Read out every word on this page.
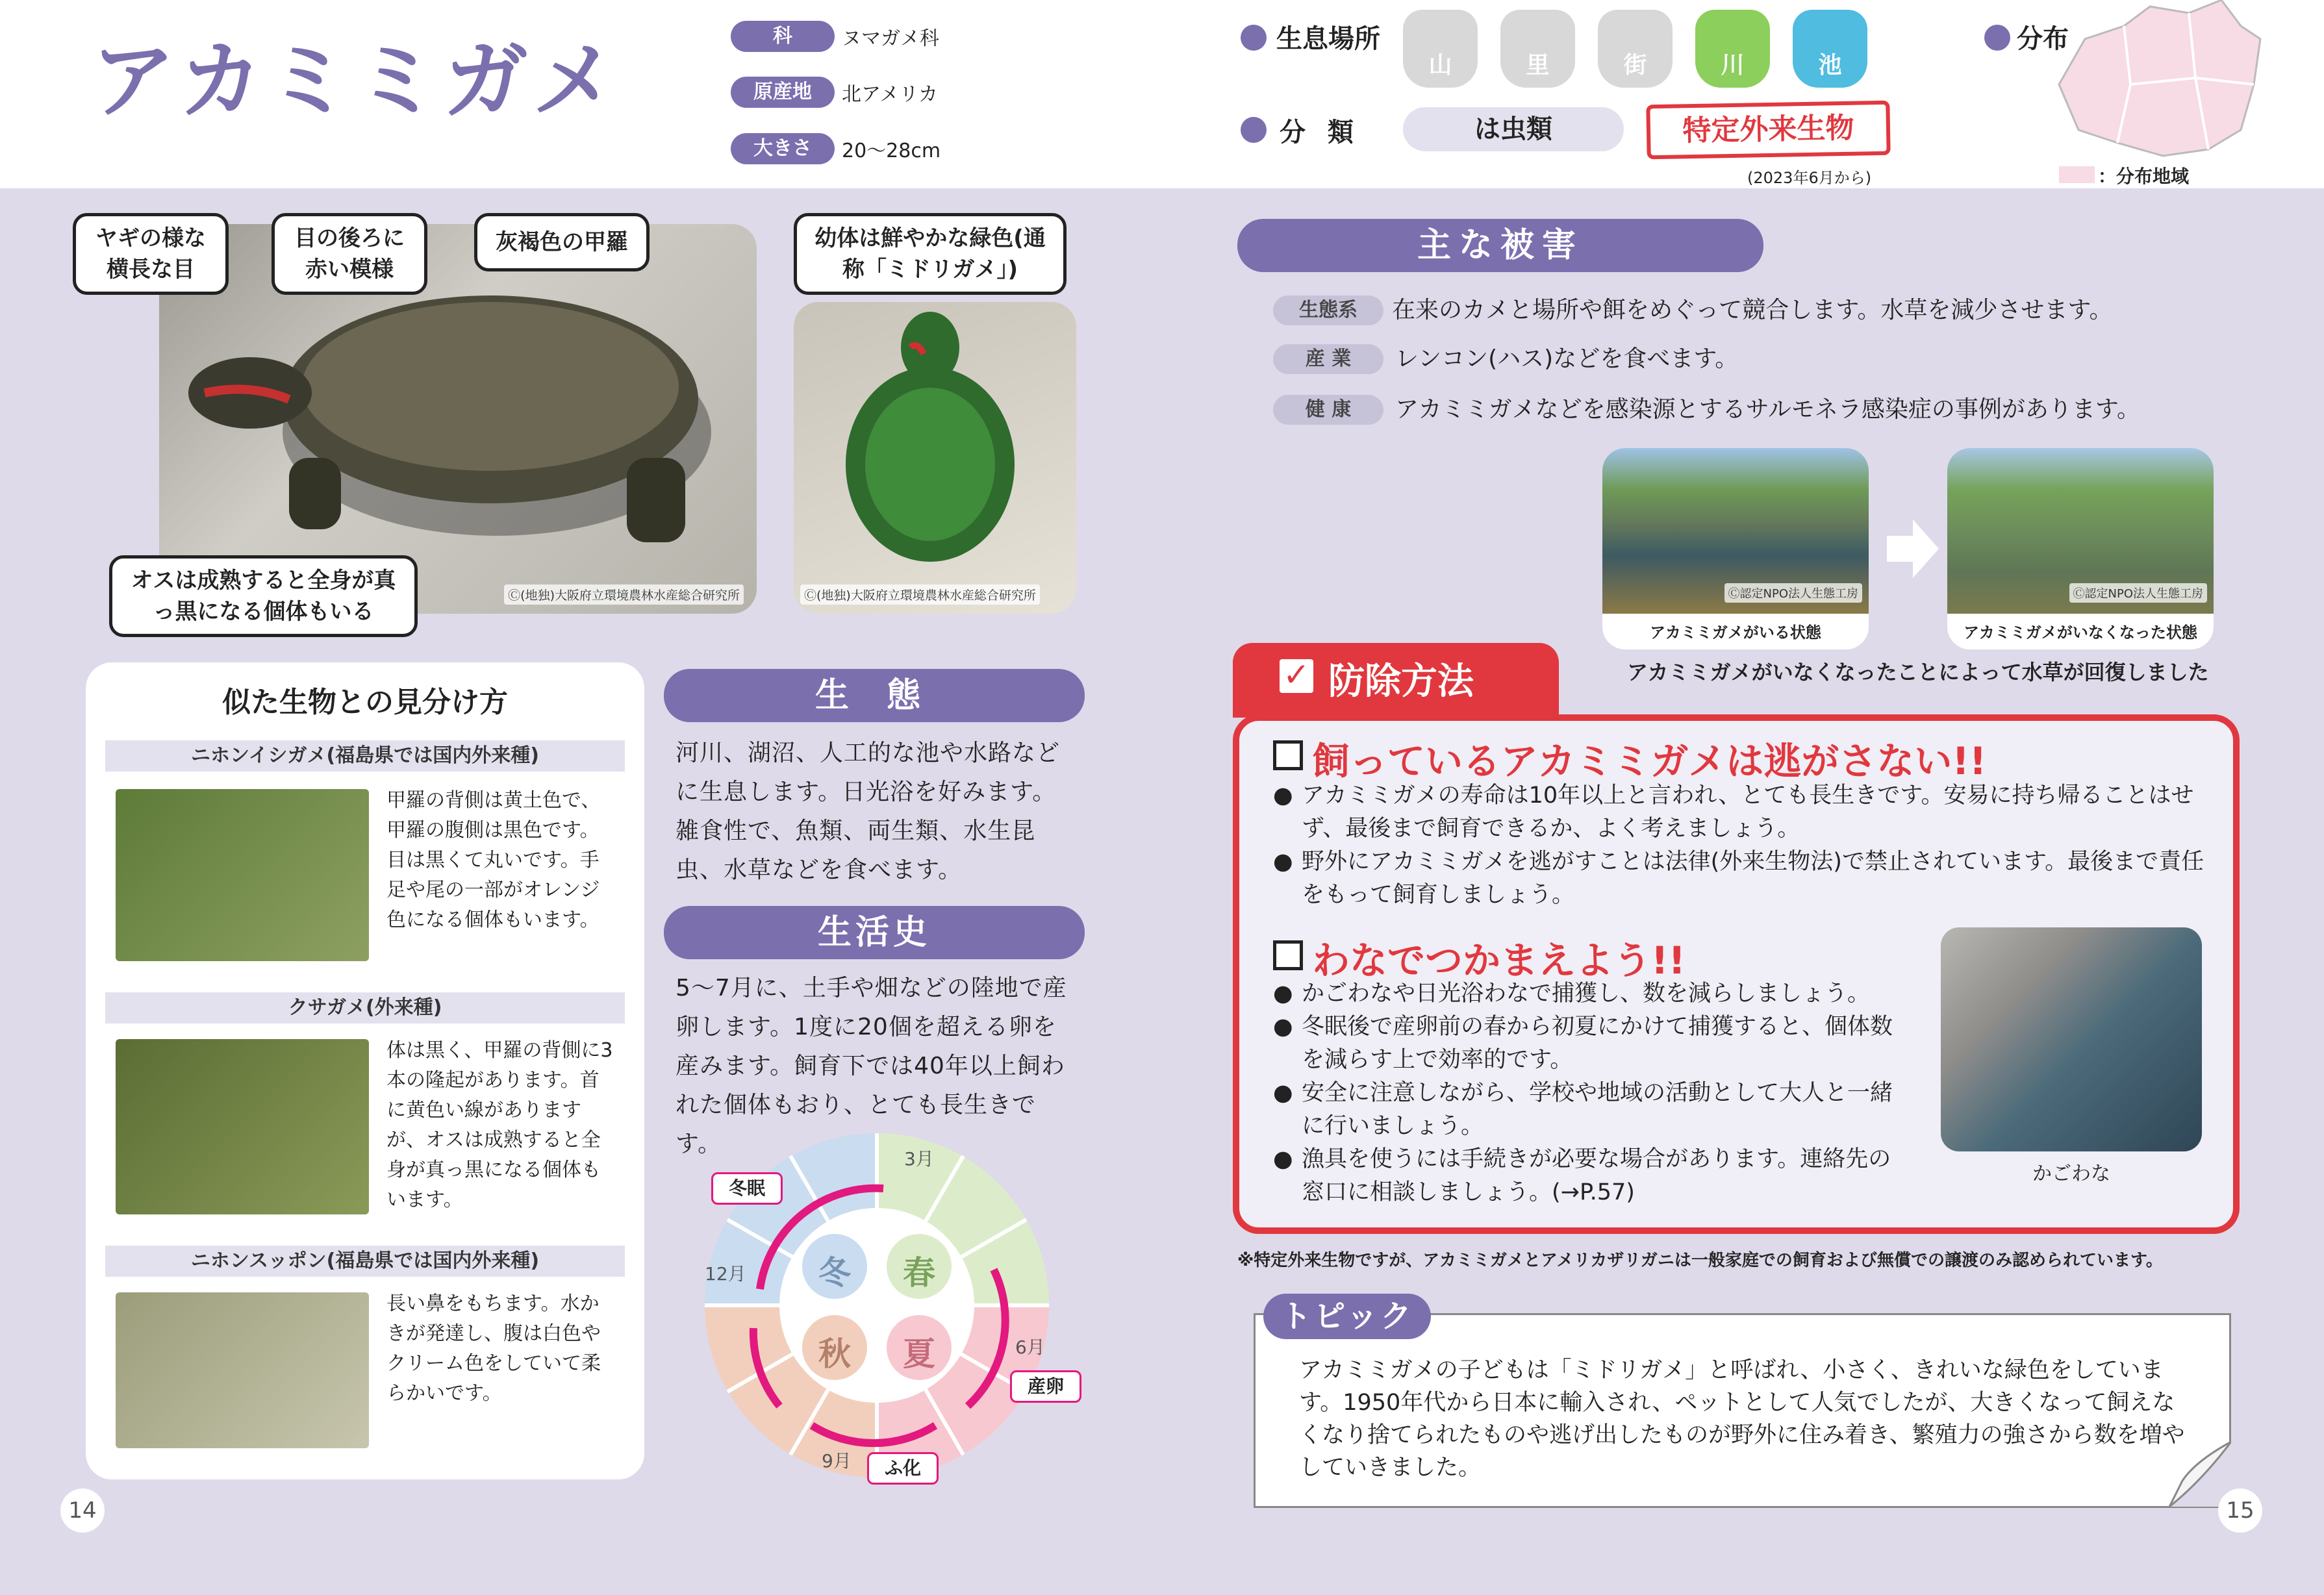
アカミミガメ	科	ヌマガメ科
原産地	北アメリカ
大きさ	20〜28cm
生息場所
山	里	街	川	池
分 類	は虫類	特定外来生物
(2023年6月から)
分布
：分布地域
Ⓒ(地独)大阪府立環境農林水産総合研究所
ヤギの様な横長な目
目の後ろに赤い模様
灰褐色の甲羅
オスは成熟すると全身が真っ黒になる個体もいる
Ⓒ(地独)大阪府立環境農林水産総合研究所
幼体は鮮やかな緑色(通称「ミドリガメ」)
似た生物との見分け方
ニホンイシガメ(福島県では国内外来種)
甲羅の背側は黄土色で、甲羅の腹側は黒色です。目は黒くて丸いです。手足や尾の一部がオレンジ色になる個体もいます。
クサガメ(外来種)
体は黒く、甲羅の背側に3本の隆起があります。首に黄色い線がありますが、オスは成熟すると全身が真っ黒になる個体もいます。
ニホンスッポン(福島県では国内外来種)
長い鼻をもちます。水かきが発達し、腹は白色やクリーム色をしていて柔らかいです。
生 態
河川、湖沼、人工的な池や水路などに生息します。日光浴を好みます。雑食性で、魚類、両生類、水生昆虫、水草などを食べます。
生活史
5〜7月に、土手や畑などの陸地で産卵します。1度に20個を超える卵を産みます。飼育下では40年以上飼われた個体もおり、とても長生きです。
冬 春
秋 夏
3月
6月
9月
12月
冬眠
産卵
ふ化
14
主な被害
生態系	在来のカメと場所や餌をめぐって競合します。水草を減少させます。
産 業	レンコン(ハス)などを食べます。
健 康	アカミミガメなどを感染源とするサルモネラ感染症の事例があります。
Ⓒ認定NPO法人生態工房
アカミミガメがいる状態
Ⓒ認定NPO法人生態工房
アカミミガメがいなくなった状態
アカミミガメがいなくなったことによって水草が回復しました
✓ 防除方法
飼っているアカミミガメは逃がさない!!
● アカミミガメの寿命は10年以上と言われ、とても長生きです。安易に持ち帰ることはせず、最後まで飼育できるか、よく考えましょう。
● 野外にアカミミガメを逃がすことは法律(外来生物法)で禁止されています。最後まで責任をもって飼育しましょう。
わなでつかまえよう!!
● かごわなや日光浴わなで捕獲し、数を減らしましょう。
● 冬眠後で産卵前の春から初夏にかけて捕獲すると、個体数を減らす上で効率的です。
● 安全に注意しながら、学校や地域の活動として大人と一緒に行いましょう。
● 漁具を使うには手続きが必要な場合があります。連絡先の窓口に相談しましょう。(→P.57)
かごわな
※特定外来生物ですが、アカミミガメとアメリカザリガニは一般家庭での飼育および無償での譲渡のみ認められています。
トピック
アカミミガメの子どもは「ミドリガメ」と呼ばれ、小さく、きれいな緑色をしています。1950年代から日本に輸入され、ペットとして人気でしたが、大きくなって飼えなくなり捨てられたものや逃げ出したものが野外に住み着き、繁殖力の強さから数を増やしていきました。
15
